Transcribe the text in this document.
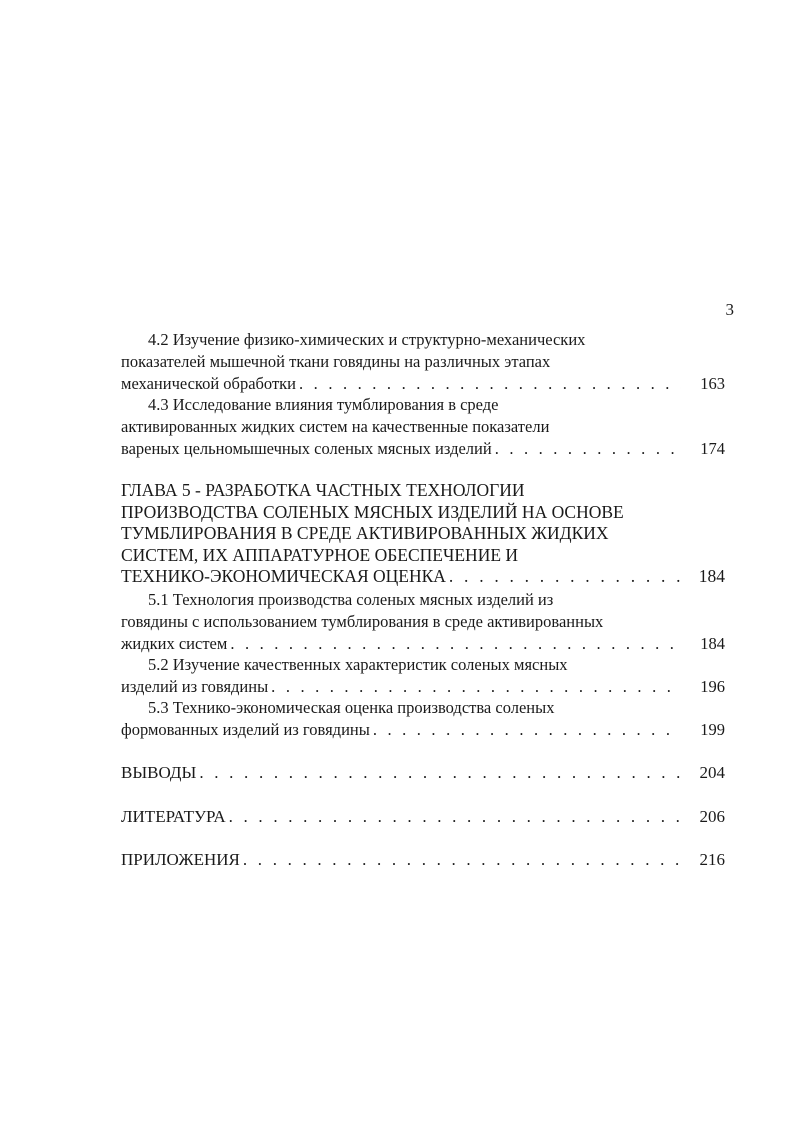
3
4.2 Изучение физико-химических и структурно-механических
показателей мышечной ткани говядины на различных этапах
механической обработки . . .	163
4.3 Исследование влияния тумблирования в среде
активированных жидких систем на качественные показатели
вареных цельномышечных соленых мясных изделий . . .	174
ГЛАВА 5 - РАЗРАБОТКА ЧАСТНЫХ ТЕХНОЛОГИИ
ПРОИЗВОДСТВА СОЛЕНЫХ МЯСНЫХ ИЗДЕЛИЙ НА ОСНОВЕ
ТУМБЛИРОВАНИЯ В СРЕДЕ АКТИВИРОВАННЫХ ЖИДКИХ
СИСТЕМ, ИХ АППАРАТУРНОЕ ОБЕСПЕЧЕНИЕ И
ТЕХНИКО-ЭКОНОМИЧЕСКАЯ ОЦЕНКА . . .	184
5.1 Технология производства соленых мясных изделий из
говядины с использованием тумблирования в среде активированных
жидких систем . . .	184
5.2 Изучение качественных характеристик соленых мясных
изделий из говядины . . .	196
5.3 Технико-экономическая оценка производства соленых
формованных изделий из говядины . . .	199
ВЫВОДЫ . . .	204
ЛИТЕРАТУРА . . .	206
ПРИЛОЖЕНИЯ . . .	216
